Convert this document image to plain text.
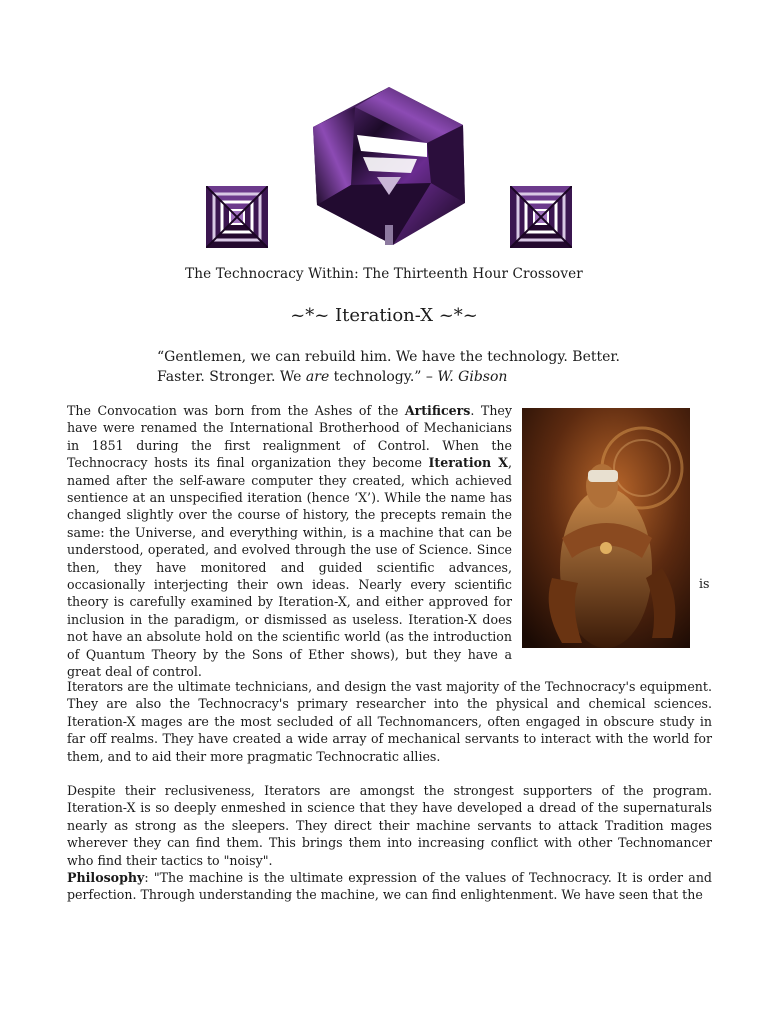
The Technocracy Within: The Thirteenth Hour Crossover
~*~ Iteration-X ~*~
“Gentlemen, we can rebuild him. We have the technology. Better. Faster. Stronger. We are technology.” – W. Gibson

The Convocation was born from the Ashes of the Artificers. They have were renamed the International Brotherhood of Mechanicians in 1851 during the first realignment of Control. When the Technocracy hosts its final organization they become Iteration X, named after the self-aware computer they created, which achieved sentience at an unspecified iteration (hence ‘X’). While the name has changed slightly over the course of history, the precepts remain the same: the Universe, and everything within, is a machine that can be understood, operated, and evolved through the use of Science. Since then, they have monitored and guided scientific advances, occasionally interjecting their own ideas. Nearly every scientific theory is carefully examined by Iteration-X, and either approved for inclusion in the paradigm, or dismissed as useless. Iteration-X does not have an absolute hold on the scientific world (as the introduction of Quantum Theory by the Sons of Ether shows), but they have a great deal of control.

is

Iterators are the ultimate technicians, and design the vast majority of the Technocracy's equipment. They are also the Technocracy's primary researcher into the physical and chemical sciences. Iteration-X mages are the most secluded of all Technomancers, often engaged in obscure study in far off realms. They have created a wide array of mechanical servants to interact with the world for them, and to aid their more pragmatic Technocratic allies.

Despite their reclusiveness, Iterators are amongst the strongest supporters of the program. Iteration-X is so deeply enmeshed in science that they have developed a dread of the supernaturals nearly as strong as the sleepers. They direct their machine servants to attack Tradition mages wherever they can find them. This brings them into increasing conflict with other Technomancer who find their tactics to "noisy".

Philosophy: "The machine is the ultimate expression of the values of Technocracy. It is order and perfection. Through understanding the machine, we can find enlightenment. We have seen that the
